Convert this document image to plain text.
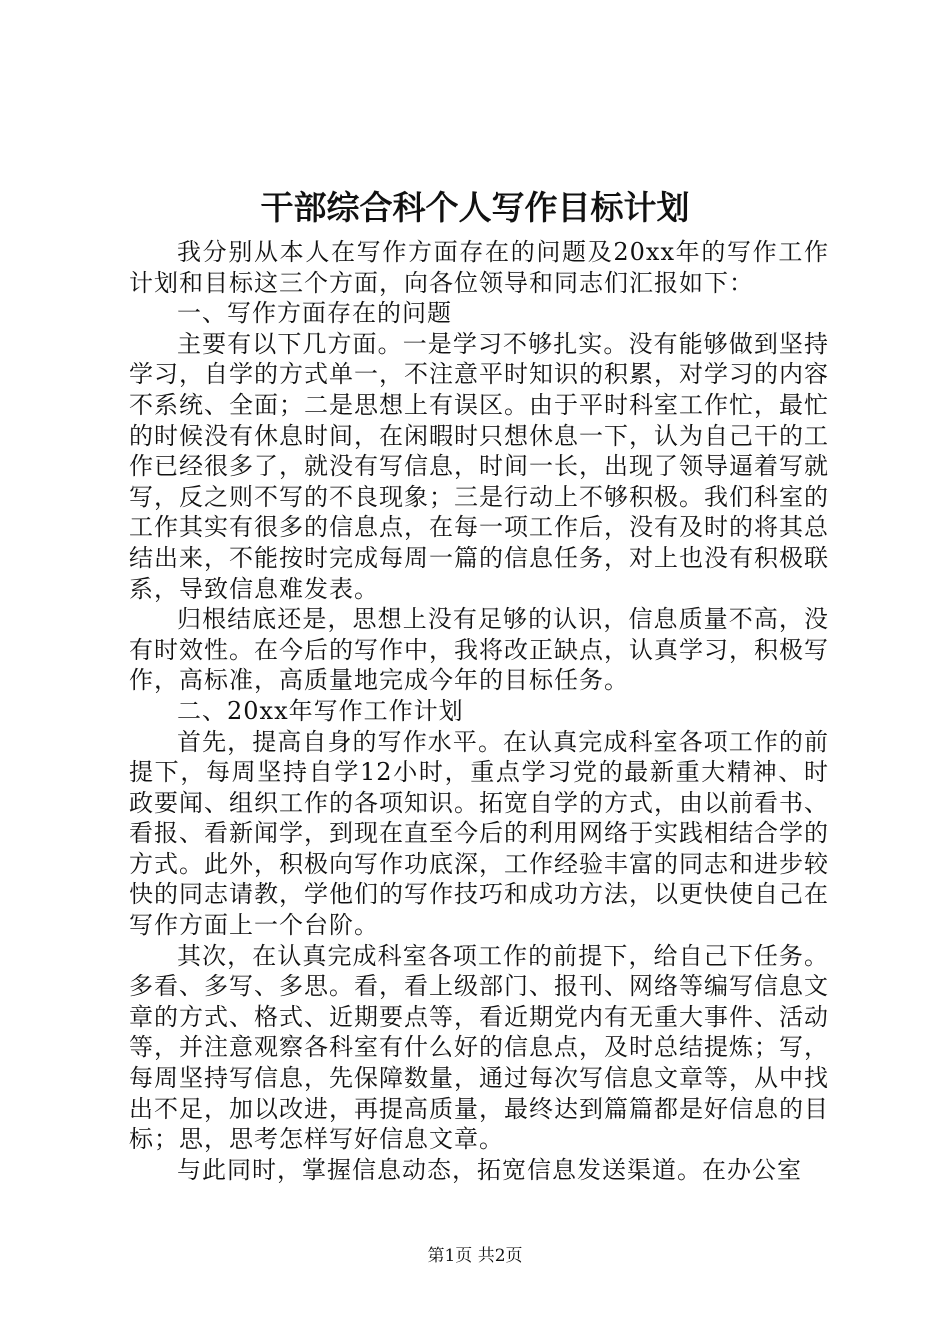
干部综合科个人写作目标计划

我分别从本人在写作方面存在的问题及20xx年的写作工作计划和目标这三个方面，向各位领导和同志们汇报如下：

一、写作方面存在的问题

主要有以下几方面。一是学习不够扎实。没有能够做到坚持学习，自学的方式单一，不注意平时知识的积累，对学习的内容不系统、全面；二是思想上有误区。由于平时科室工作忙，最忙的时候没有休息时间，在闲暇时只想休息一下，认为自己干的工作已经很多了，就没有写信息，时间一长，出现了领导逼着写就写，反之则不写的不良现象；三是行动上不够积极。我们科室的工作其实有很多的信息点，在每一项工作后，没有及时的将其总结出来，不能按时完成每周一篇的信息任务，对上也没有积极联系，导致信息难发表。

归根结底还是，思想上没有足够的认识，信息质量不高，没有时效性。在今后的写作中，我将改正缺点，认真学习，积极写作，高标准，高质量地完成今年的目标任务。

二、20xx年写作工作计划

首先，提高自身的写作水平。在认真完成科室各项工作的前提下，每周坚持自学12小时，重点学习党的最新重大精神、时政要闻、组织工作的各项知识。拓宽自学的方式，由以前看书、看报、看新闻学，到现在直至今后的利用网络于实践相结合学的方式。此外，积极向写作功底深，工作经验丰富的同志和进步较快的同志请教，学他们的写作技巧和成功方法，以更快使自己在写作方面上一个台阶。

其次，在认真完成科室各项工作的前提下，给自己下任务。多看、多写、多思。看，看上级部门、报刊、网络等编写信息文章的方式、格式、近期要点等，看近期党内有无重大事件、活动等，并注意观察各科室有什么好的信息点，及时总结提炼；写，每周坚持写信息，先保障数量，通过每次写信息文章等，从中找出不足，加以改进，再提高质量，最终达到篇篇都是好信息的目标；思，思考怎样写好信息文章。

与此同时，掌握信息动态，拓宽信息发送渠道。在办公室

第1页 共2页
